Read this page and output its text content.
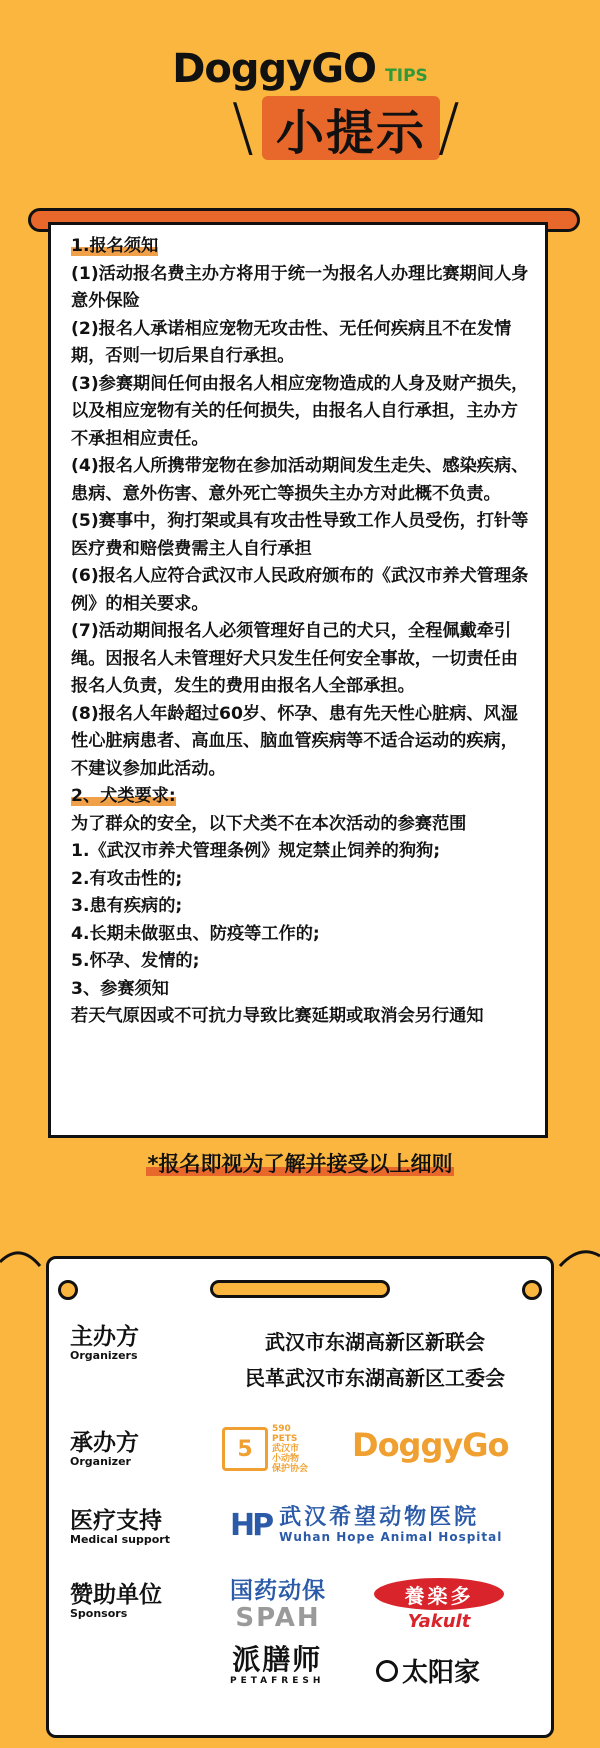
DoggyGO TIPS
\ 小提示 /

1.报名须知

(1)活动报名费主办方将用于统一为报名人办理比赛期间人身意外保险

(2)报名人承诺相应宠物无攻击性、无任何疾病且不在发情期，否则一切后果自行承担。

(3)参赛期间任何由报名人相应宠物造成的人身及财产损失，以及相应宠物有关的任何损失，由报名人自行承担，主办方不承担相应责任。

(4)报名人所携带宠物在参加活动期间发生走失、感染疾病、患病、意外伤害、意外死亡等损失主办方对此概不负责。

(5)赛事中，狗打架或具有攻击性导致工作人员受伤，打针等医疗费和赔偿费需主人自行承担

(6)报名人应符合武汉市人民政府颁布的《武汉市养犬管理条例》的相关要求。

(7)活动期间报名人必须管理好自己的犬只，全程佩戴牵引绳。因报名人未管理好犬只发生任何安全事故，一切责任由报名人负责，发生的费用由报名人全部承担。

(8)报名人年龄超过60岁、怀孕、患有先天性心脏病、风湿性心脏病患者、高血压、脑血管疾病等不适合运动的疾病，不建议参加此活动。

2、犬类要求:

为了群众的安全，以下犬类不在本次活动的参赛范围

1.《武汉市养犬管理条例》规定禁止饲养的狗狗;

2.有攻击性的;

3.患有疾病的;

4.长期未做驱虫、防疫等工作的;

5.怀孕、发情的;

3、参赛须知

若天气原因或不可抗力导致比赛延期或取消会另行通知

*报名即视为了解并接受以上细则
主办方
Organizers
武汉市东湖高新区新联会
民革武汉市东湖高新区工委会
承办方
Organizer	5
590
PETS
武汉市
小动物
保护协会
DoggyGo
医疗支持
Medical support HP 武汉希望动物医院
Wuhan Hope Animal Hospital
赞助单位
Sponsors
国药动保
SPAH
養楽多
Yakult
派膳师
PETAFRESH	太阳家
